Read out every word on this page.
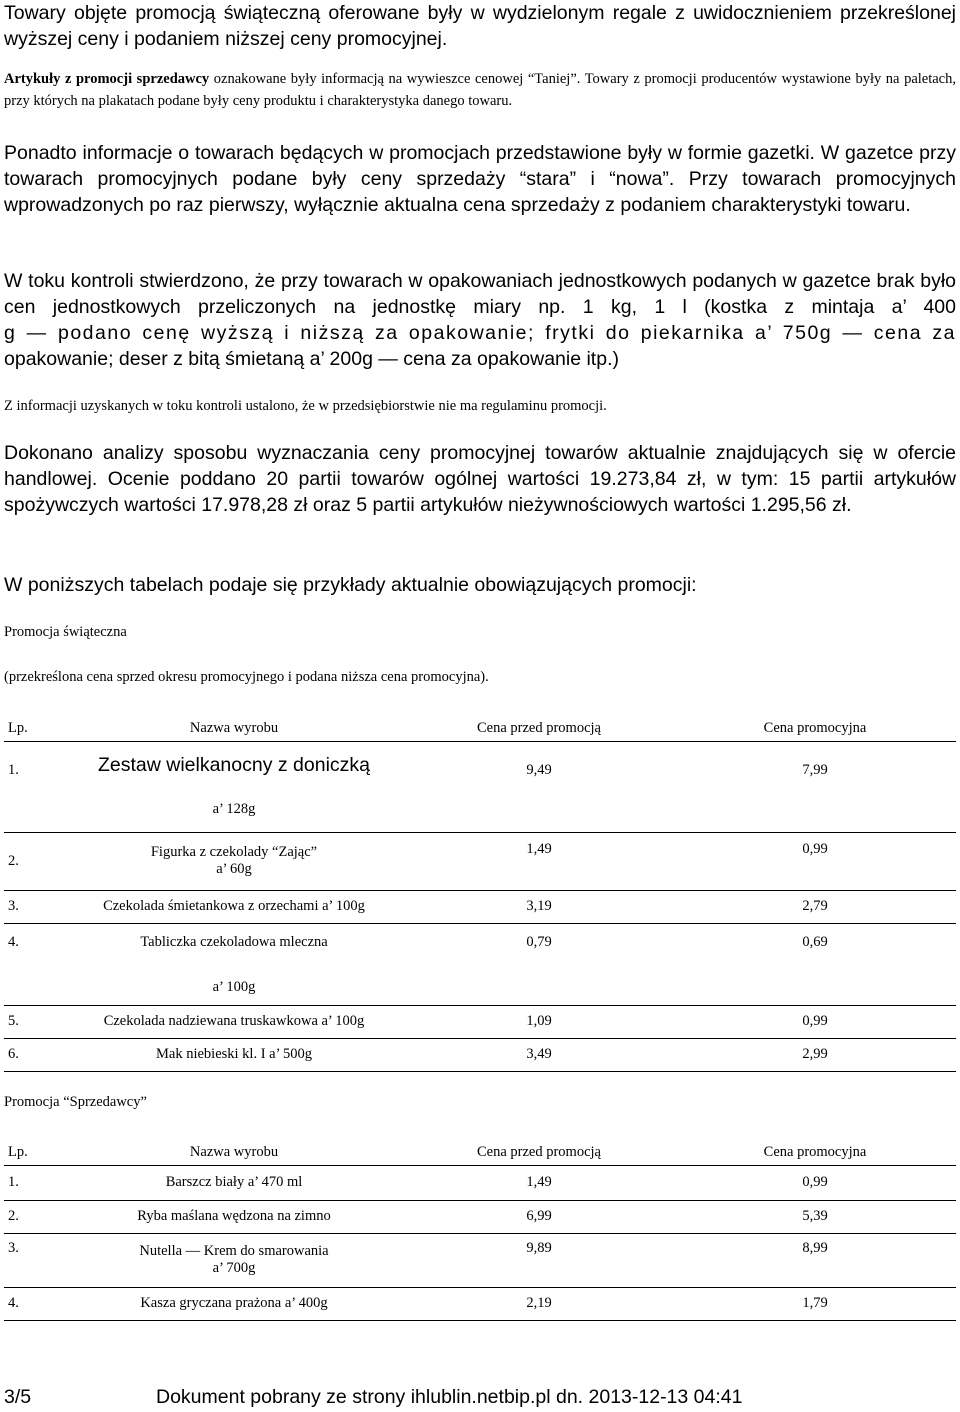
Towary objęte promocją świąteczną oferowane były w wydzielonym regale z uwidocznieniem przekreślonej wyższej ceny i podaniem niższej ceny promocyjnej.

Artykuły z promocji sprzedawcy oznakowane były informacją na wywieszce cenowej “Taniej”. Towary z promocji producentów wystawione były na paletach, przy których na plakatach podane były ceny produktu i charakterystyka danego towaru.

Ponadto informacje o towarach będących w promocjach przedstawione były w formie gazetki. W gazetce przy towarach promocyjnych podane były ceny sprzedaży “stara” i “nowa”. Przy towarach promocyjnych wprowadzonych po raz pierwszy, wyłącznie aktualna cena sprzedaży z podaniem charakterystyki towaru.

W toku kontroli stwierdzono, że przy towarach w opakowaniach jednostkowych podanych w gazetce brak było cen jednostkowych przeliczonych na jednostkę miary np. 1 kg, 1 l (kostka z mintaja a’ 400
g — podano cenę wyższą i niższą za opakowanie; frytki do piekarnika a’ 750g — cena za
opakowanie; deser z bitą śmietaną a’ 200g — cena za opakowanie itp.)

Z informacji uzyskanych w toku kontroli ustalono, że w przedsiębiorstwie nie ma regulaminu promocji.

Dokonano analizy sposobu wyznaczania ceny promocyjnej towarów aktualnie znajdujących się w ofercie handlowej. Ocenie poddano 20 partii towarów ogólnej wartości 19.273,84 zł, w tym: 15 partii artykułów spożywczych wartości 17.978,28 zł oraz 5 partii artykułów nieżywnościowych wartości 1.295,56 zł.

W poniższych tabelach podaje się przykłady aktualnie obowiązujących promocji:

Promocja świąteczna

(przekreślona cena sprzed okresu promocyjnego i podana niższa cena promocyjna).

Lp.	Nazwa wyrobu	Cena przed promocją	Cena promocyjna
1.	Zestaw wielkanocny z doniczką
a’ 128g	9,49	7,99
2.	Figurka z czekolady “Zając”
a’ 60g	1,49	0,99
3.	Czekolada śmietankowa z orzechami a’ 100g	3,19	2,79
4.	Tabliczka czekoladowa mleczna
a’ 100g	0,79	0,69
5.	Czekolada nadziewana truskawkowa a’ 100g	1,09	0,99
6.	Mak niebieski kl. I a’ 500g	3,49	2,99

Promocja “Sprzedawcy”

Lp.	Nazwa wyrobu	Cena przed promocją	Cena promocyjna
1.	Barszcz biały a’ 470 ml	1,49	0,99
2.	Ryba maślana wędzona na zimno	6,99	5,39
3.	Nutella — Krem do smarowania
a’ 700g	9,89	8,99
4.	Kasza gryczana prażona a’ 400g	2,19	1,79
3/5	Dokument pobrany ze strony ihlublin.netbip.pl dn. 2013-12-13 04:41
